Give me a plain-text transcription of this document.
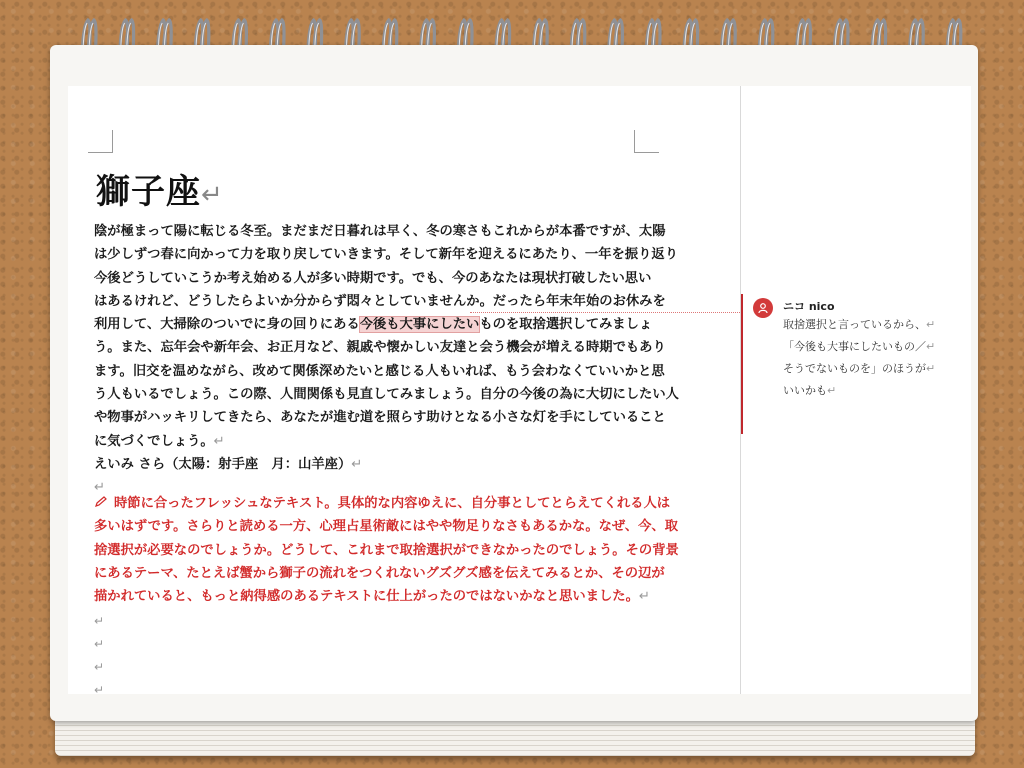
獅子座↵
陰が極まって陽に転じる冬至。まだまだ日暮れは早く、冬の寒さもこれからが本番ですが、太陽
は少しずつ春に向かって力を取り戻していきます。そして新年を迎えるにあたり、一年を振り返り
今後どうしていこうか考え始める人が多い時期です。でも、今のあなたは現状打破したい思い
はあるけれど、どうしたらよいか分からず悶々としていませんか。だったら年末年始のお休みを
利用して、大掃除のついでに身の回りにある今後も大事にしたいものを取捨選択してみましょ
う。また、忘年会や新年会、お正月など、親戚や懐かしい友達と会う機会が増える時期でもあり
ます。旧交を温めながら、改めて関係深めたいと感じる人もいれば、もう会わなくていいかと思
う人もいるでしょう。この際、人間関係も見直してみましょう。自分の今後の為に大切にしたい人
や物事がハッキリしてきたら、あなたが進む道を照らす助けとなる小さな灯を手にしていること
に気づくでしょう。↵
えいみ さら（太陽：射手座　月：山羊座）↵
↵
時節に合ったフレッシュなテキスト。具体的な内容ゆえに、自分事としてとらえてくれる人は
多いはずです。さらりと読める一方、心理占星術敵にはやや物足りなさもあるかな。なぜ、今、取
捨選択が必要なのでしょうか。どうして、これまで取捨選択ができなかったのでしょう。その背景
にあるテーマ、たとえば蟹から獅子の流れをつくれないグズグズ感を伝えてみるとか、その辺が
描かれていると、もっと納得感のあるテキストに仕上がったのではないかなと思いました。↵
↵
↵
↵
↵
ニコ nico
取捨選択と言っているから、↵
「今後も大事にしたいもの／↵
そうでないものを」のほうが↵
いいかも↵
